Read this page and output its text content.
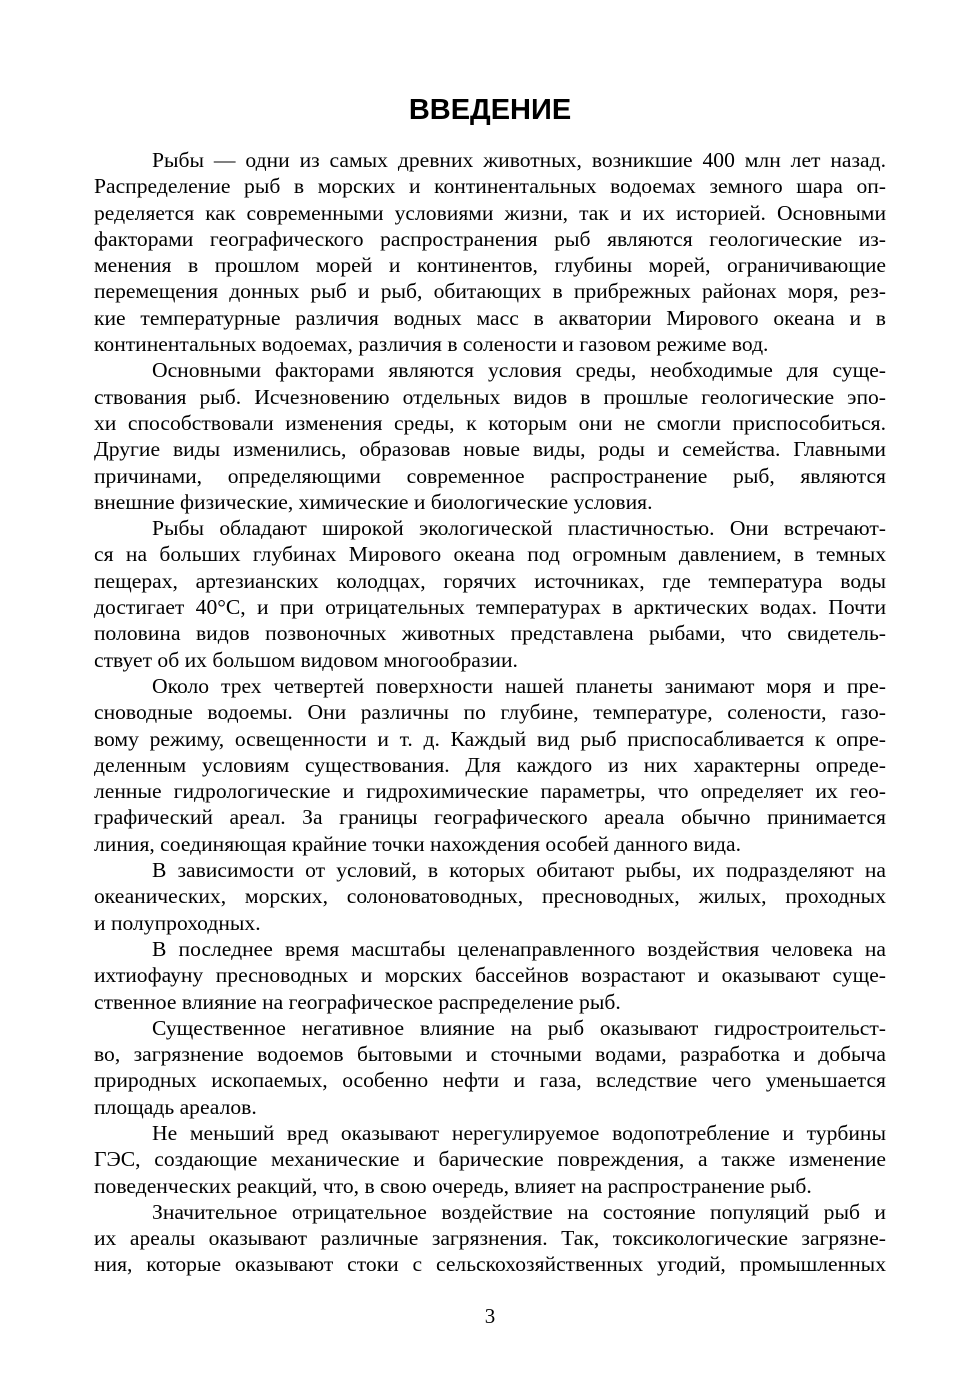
ВВЕДЕНИЕ
Рыбы — одни из самых древних животных, возникшие 400 млн лет назад.
Распределение рыб в морских и континентальных водоемах земного шара оп-
ределяется как современными условиями жизни, так и их историей. Основными
факторами географического распространения рыб являются геологические из-
менения в прошлом морей и континентов, глубины морей, ограничивающие
перемещения донных рыб и рыб, обитающих в прибрежных районах моря, рез-
кие температурные различия водных масс в акватории Мирового океана и в
континентальных водоемах, различия в солености и газовом режиме вод.
Основными факторами являются условия среды, необходимые для суще-
ствования рыб. Исчезновению отдельных видов в прошлые геологические эпо-
хи способствовали изменения среды, к которым они не смогли приспособиться.
Другие виды изменились, образовав новые виды, роды и семейства. Главными
причинами, определяющими современное распространение рыб, являются
внешние физические, химические и биологические условия.
Рыбы обладают широкой экологической пластичностью. Они встречают-
ся на больших глубинах Мирового океана под огромным давлением, в темных
пещерах, артезианских колодцах, горячих источниках, где температура воды
достигает 40°С, и при отрицательных температурах в арктических водах. Почти
половина видов позвоночных животных представлена рыбами, что свидетель-
ствует об их большом видовом многообразии.
Около трех четвертей поверхности нашей планеты занимают моря и пре-
сноводные водоемы. Они различны по глубине, температуре, солености, газо-
вому режиму, освещенности и т. д. Каждый вид рыб приспосабливается к опре-
деленным условиям существования. Для каждого из них характерны опреде-
ленные гидрологические и гидрохимические параметры, что определяет их гео-
графический ареал. За границы географического ареала обычно принимается
линия, соединяющая крайние точки нахождения особей данного вида.
В зависимости от условий, в которых обитают рыбы, их подразделяют на
океанических, морских, солоноватоводных, пресноводных, жилых, проходных
и полупроходных.
В последнее время масштабы целенаправленного воздействия человека на
ихтиофауну пресноводных и морских бассейнов возрастают и оказывают суще-
ственное влияние на географическое распределение рыб.
Существенное негативное влияние на рыб оказывают гидростроительст-
во, загрязнение водоемов бытовыми и сточными водами, разработка и добыча
природных ископаемых, особенно нефти и газа, вследствие чего уменьшается
площадь ареалов.
Не меньший вред оказывают нерегулируемое водопотребление и турбины
ГЭС, создающие механические и барические повреждения, а также изменение
поведенческих реакций, что, в свою очередь, влияет на распространение рыб.
Значительное отрицательное воздействие на состояние популяций рыб и
их ареалы оказывают различные загрязнения. Так, токсикологические загрязне-
ния, которые оказывают стоки с сельскохозяйственных угодий, промышленных
3
